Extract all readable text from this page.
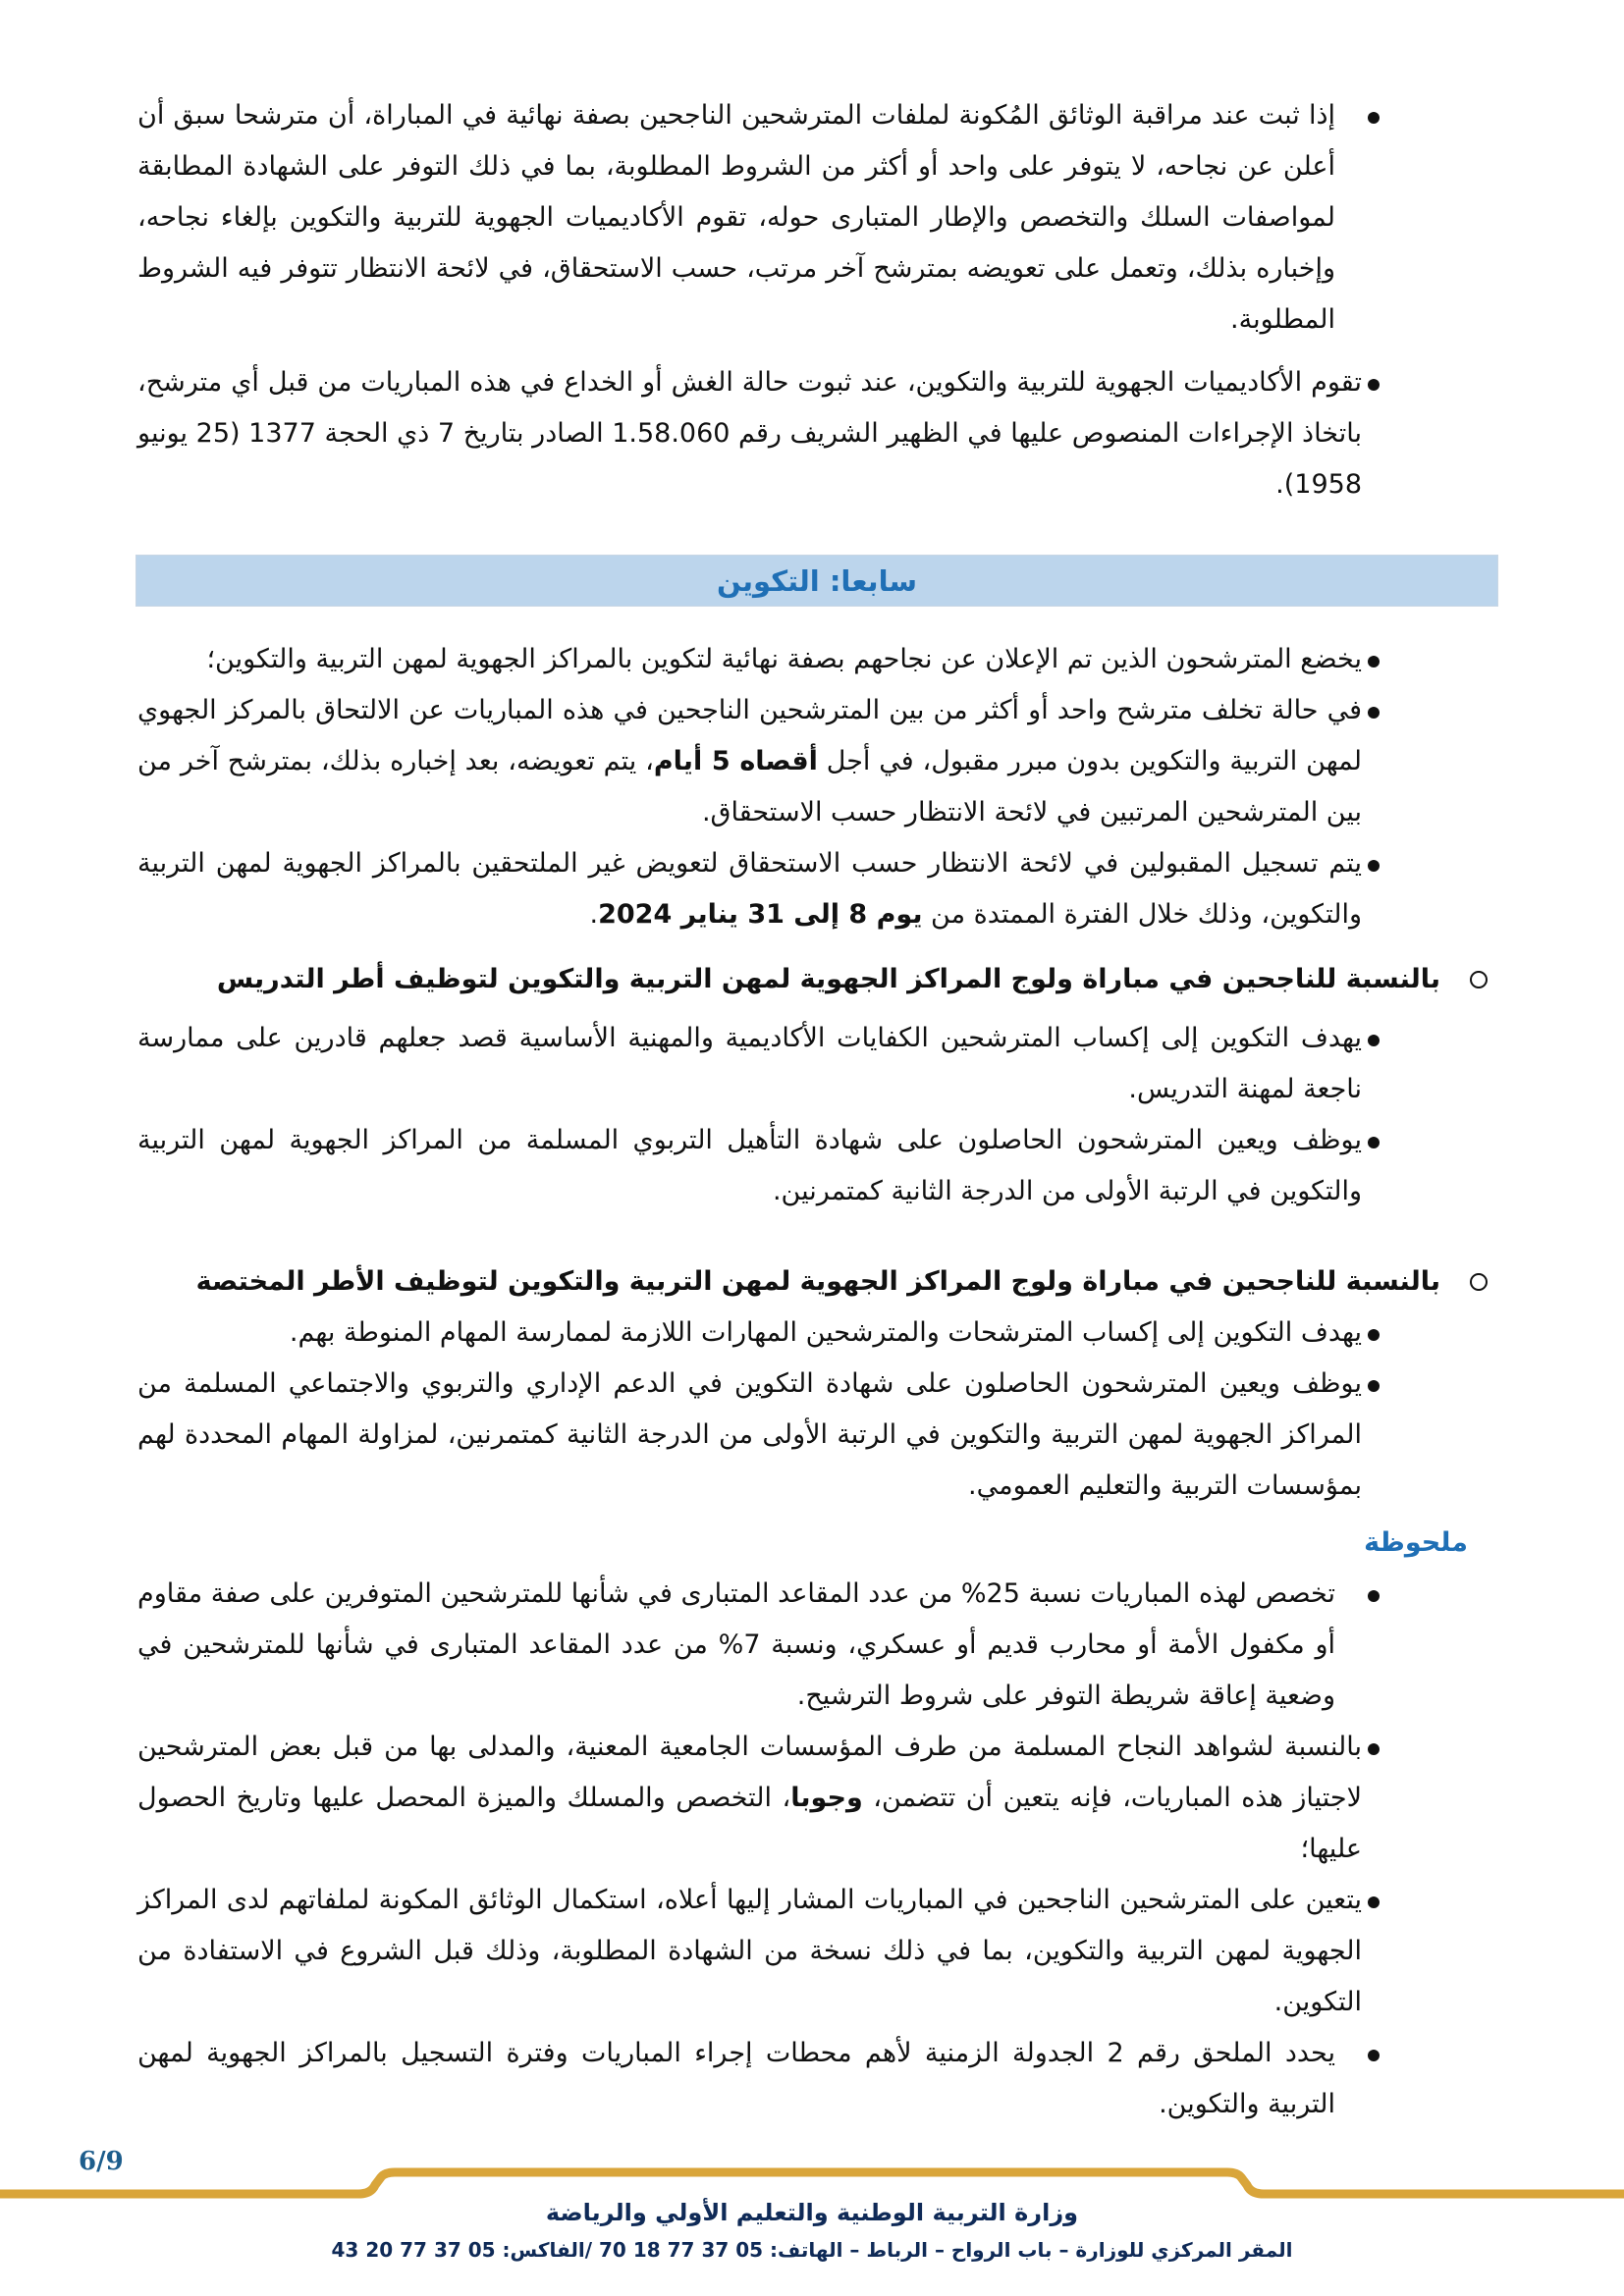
إذا ثبت عند مراقبة الوثائق المُكونة لملفات المترشحين الناجحين بصفة نهائية في المباراة، أن مترشحا سبق أن أعلن عن نجاحه، لا يتوفر على واحد أو أكثر من الشروط المطلوبة، بما في ذلك التوفر على الشهادة المطابقة لمواصفات السلك والتخصص والإطار المتبارى حوله، تقوم الأكاديميات الجهوية للتربية والتكوين بإلغاء نجاحه، وإخباره بذلك، وتعمل على تعويضه بمترشح آخر مرتب، حسب الاستحقاق، في لائحة الانتظار تتوفر فيه الشروط المطلوبة.
تقوم الأكاديميات الجهوية للتربية والتكوين، عند ثبوت حالة الغش أو الخداع في هذه المباريات من قبل أي مترشح، باتخاذ الإجراءات المنصوص عليها في الظهير الشريف رقم 1.58.060 الصادر بتاريخ 7 ذي الحجة 1377 (25 يونيو 1958).
سابعا: التكوين
يخضع المترشحون الذين تم الإعلان عن نجاحهم بصفة نهائية لتكوين بالمراكز الجهوية لمهن التربية والتكوين؛
في حالة تخلف مترشح واحد أو أكثر من بين المترشحين الناجحين في هذه المباريات عن الالتحاق بالمركز الجهوي لمهن التربية والتكوين بدون مبرر مقبول، في أجل أقصاه 5 أيام، يتم تعويضه، بعد إخباره بذلك، بمترشح آخر من بين المترشحين المرتبين في لائحة الانتظار حسب الاستحقاق.
يتم تسجيل المقبولين في لائحة الانتظار حسب الاستحقاق لتعويض غير الملتحقين بالمراكز الجهوية لمهن التربية والتكوين، وذلك خلال الفترة الممتدة من يوم 8 إلى 31 يناير 2024.
بالنسبة للناجحين في مباراة ولوج المراكز الجهوية لمهن التربية والتكوين لتوظيف أطر التدريس
يهدف التكوين إلى إكساب المترشحين الكفايات الأكاديمية والمهنية الأساسية قصد جعلهم قادرين على ممارسة ناجعة لمهنة التدريس.
يوظف ويعين المترشحون الحاصلون على شهادة التأهيل التربوي المسلمة من المراكز الجهوية لمهن التربية والتكوين في الرتبة الأولى من الدرجة الثانية كمتمرنين.
بالنسبة للناجحين في مباراة ولوج المراكز الجهوية لمهن التربية والتكوين لتوظيف الأطر المختصة
يهدف التكوين إلى إكساب المترشحات والمترشحين المهارات اللازمة لممارسة المهام المنوطة بهم.
يوظف ويعين المترشحون الحاصلون على شهادة التكوين في الدعم الإداري والتربوي والاجتماعي المسلمة من المراكز الجهوية لمهن التربية والتكوين في الرتبة الأولى من الدرجة الثانية كمتمرنين، لمزاولة المهام المحددة لهم بمؤسسات التربية والتعليم العمومي.
ملحوظة
تخصص لهذه المباريات نسبة 25% من عدد المقاعد المتبارى في شأنها للمترشحين المتوفرين على صفة مقاوم أو مكفول الأمة أو محارب قديم أو عسكري، ونسبة 7% من عدد المقاعد المتبارى في شأنها للمترشحين في وضعية إعاقة شريطة التوفر على شروط الترشيح.
بالنسبة لشواهد النجاح المسلمة من طرف المؤسسات الجامعية المعنية، والمدلى بها من قبل بعض المترشحين لاجتياز هذه المباريات، فإنه يتعين أن تتضمن، وجوبا، التخصص والمسلك والميزة المحصل عليها وتاريخ الحصول عليها؛
يتعين على المترشحين الناجحين في المباريات المشار إليها أعلاه، استكمال الوثائق المكونة لملفاتهم لدى المراكز الجهوية لمهن التربية والتكوين، بما في ذلك نسخة من الشهادة المطلوبة، وذلك قبل الشروع في الاستفادة من التكوين.
يحدد الملحق رقم 2 الجدولة الزمنية لأهم محطات إجراء المباريات وفترة التسجيل بالمراكز الجهوية لمهن التربية والتكوين.
6/9
وزارة التربية الوطنية والتعليم الأولي والرياضة
المقر المركزي للوزارة – باب الرواح – الرباط – الهاتف: 05 37 77 18 70 /الفاكس: 05 37 77 20 43
